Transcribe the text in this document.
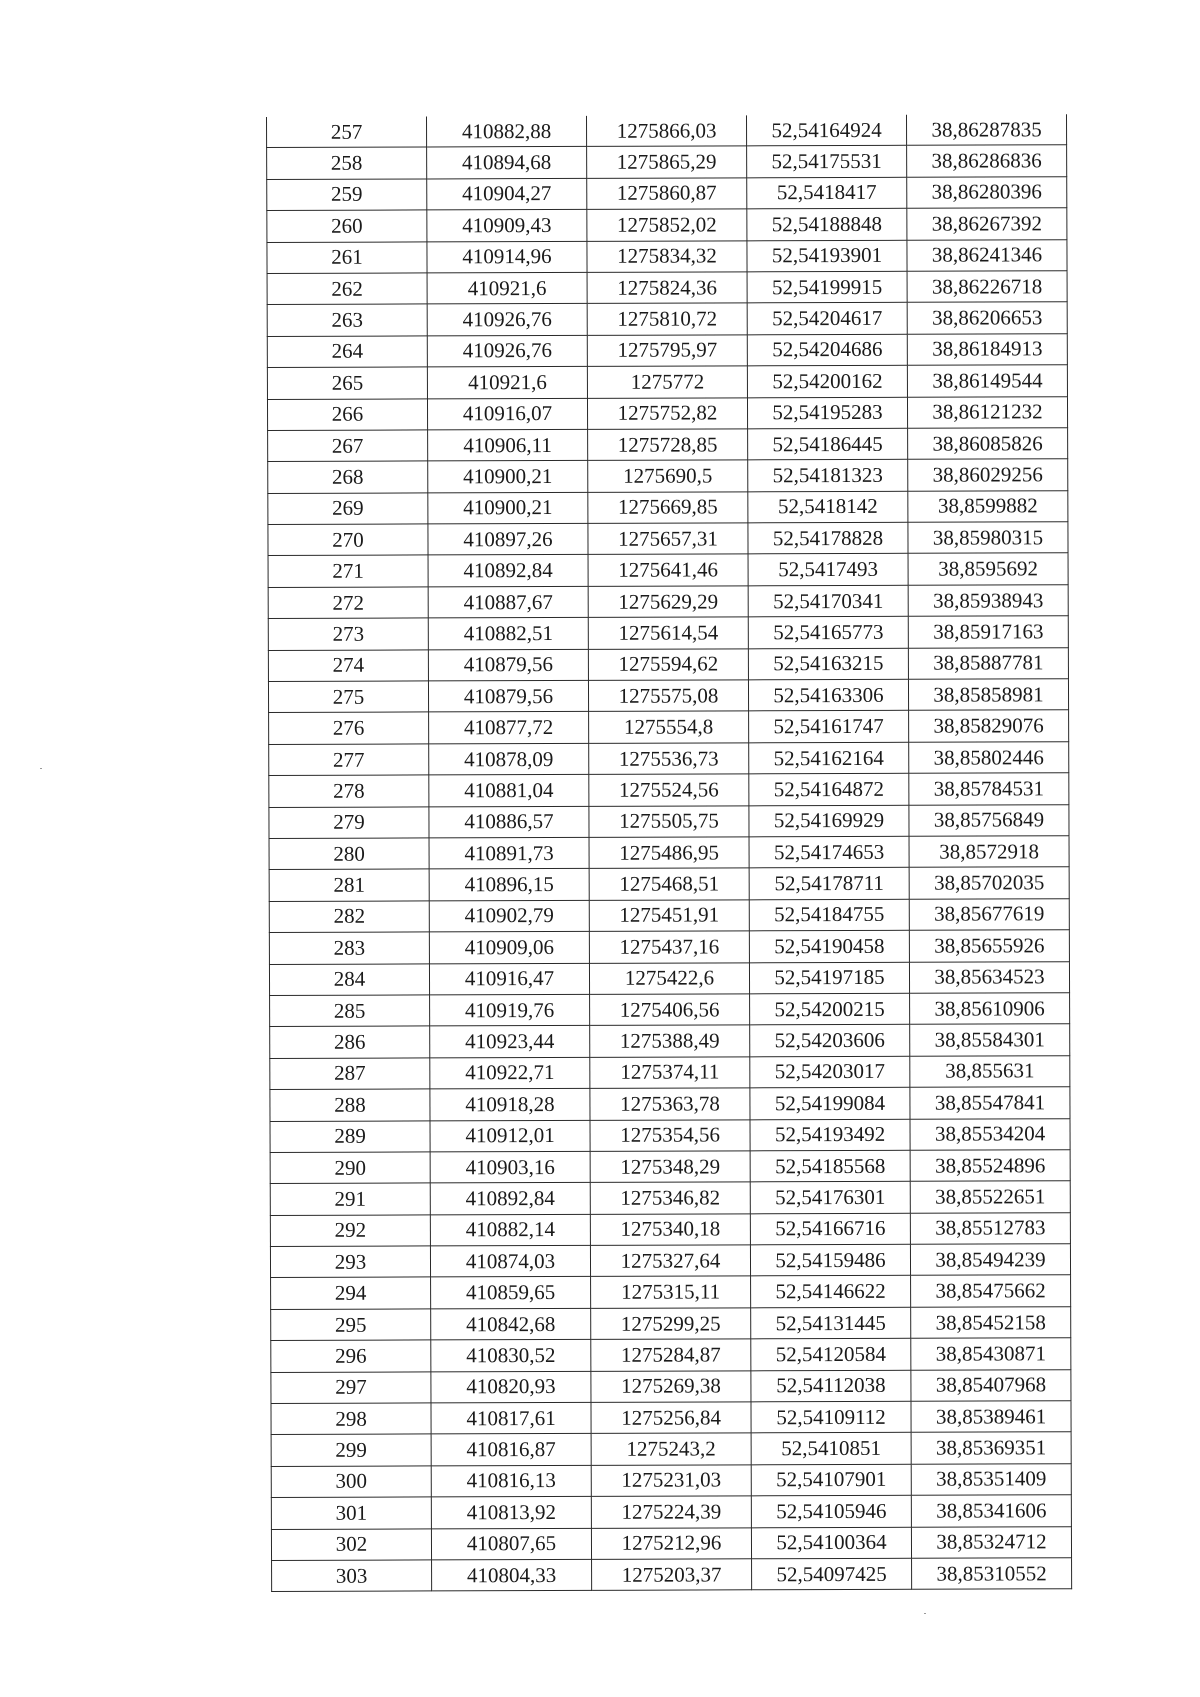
257	410882,88	1275866,03	52,54164924	38,86287835
258	410894,68	1275865,29	52,54175531	38,86286836
259	410904,27	1275860,87	52,5418417	38,86280396
260	410909,43	1275852,02	52,54188848	38,86267392
261	410914,96	1275834,32	52,54193901	38,86241346
262	410921,6	1275824,36	52,54199915	38,86226718
263	410926,76	1275810,72	52,54204617	38,86206653
264	410926,76	1275795,97	52,54204686	38,86184913
265	410921,6	1275772	52,54200162	38,86149544
266	410916,07	1275752,82	52,54195283	38,86121232
267	410906,11	1275728,85	52,54186445	38,86085826
268	410900,21	1275690,5	52,54181323	38,86029256
269	410900,21	1275669,85	52,5418142	38,8599882
270	410897,26	1275657,31	52,54178828	38,85980315
271	410892,84	1275641,46	52,5417493	38,8595692
272	410887,67	1275629,29	52,54170341	38,85938943
273	410882,51	1275614,54	52,54165773	38,85917163
274	410879,56	1275594,62	52,54163215	38,85887781
275	410879,56	1275575,08	52,54163306	38,85858981
276	410877,72	1275554,8	52,54161747	38,85829076
277	410878,09	1275536,73	52,54162164	38,85802446
278	410881,04	1275524,56	52,54164872	38,85784531
279	410886,57	1275505,75	52,54169929	38,85756849
280	410891,73	1275486,95	52,54174653	38,8572918
281	410896,15	1275468,51	52,54178711	38,85702035
282	410902,79	1275451,91	52,54184755	38,85677619
283	410909,06	1275437,16	52,54190458	38,85655926
284	410916,47	1275422,6	52,54197185	38,85634523
285	410919,76	1275406,56	52,54200215	38,85610906
286	410923,44	1275388,49	52,54203606	38,85584301
287	410922,71	1275374,11	52,54203017	38,855631
288	410918,28	1275363,78	52,54199084	38,85547841
289	410912,01	1275354,56	52,54193492	38,85534204
290	410903,16	1275348,29	52,54185568	38,85524896
291	410892,84	1275346,82	52,54176301	38,85522651
292	410882,14	1275340,18	52,54166716	38,85512783
293	410874,03	1275327,64	52,54159486	38,85494239
294	410859,65	1275315,11	52,54146622	38,85475662
295	410842,68	1275299,25	52,54131445	38,85452158
296	410830,52	1275284,87	52,54120584	38,85430871
297	410820,93	1275269,38	52,54112038	38,85407968
298	410817,61	1275256,84	52,54109112	38,85389461
299	410816,87	1275243,2	52,5410851	38,85369351
300	410816,13	1275231,03	52,54107901	38,85351409
301	410813,92	1275224,39	52,54105946	38,85341606
302	410807,65	1275212,96	52,54100364	38,85324712
303	410804,33	1275203,37	52,54097425	38,85310552
